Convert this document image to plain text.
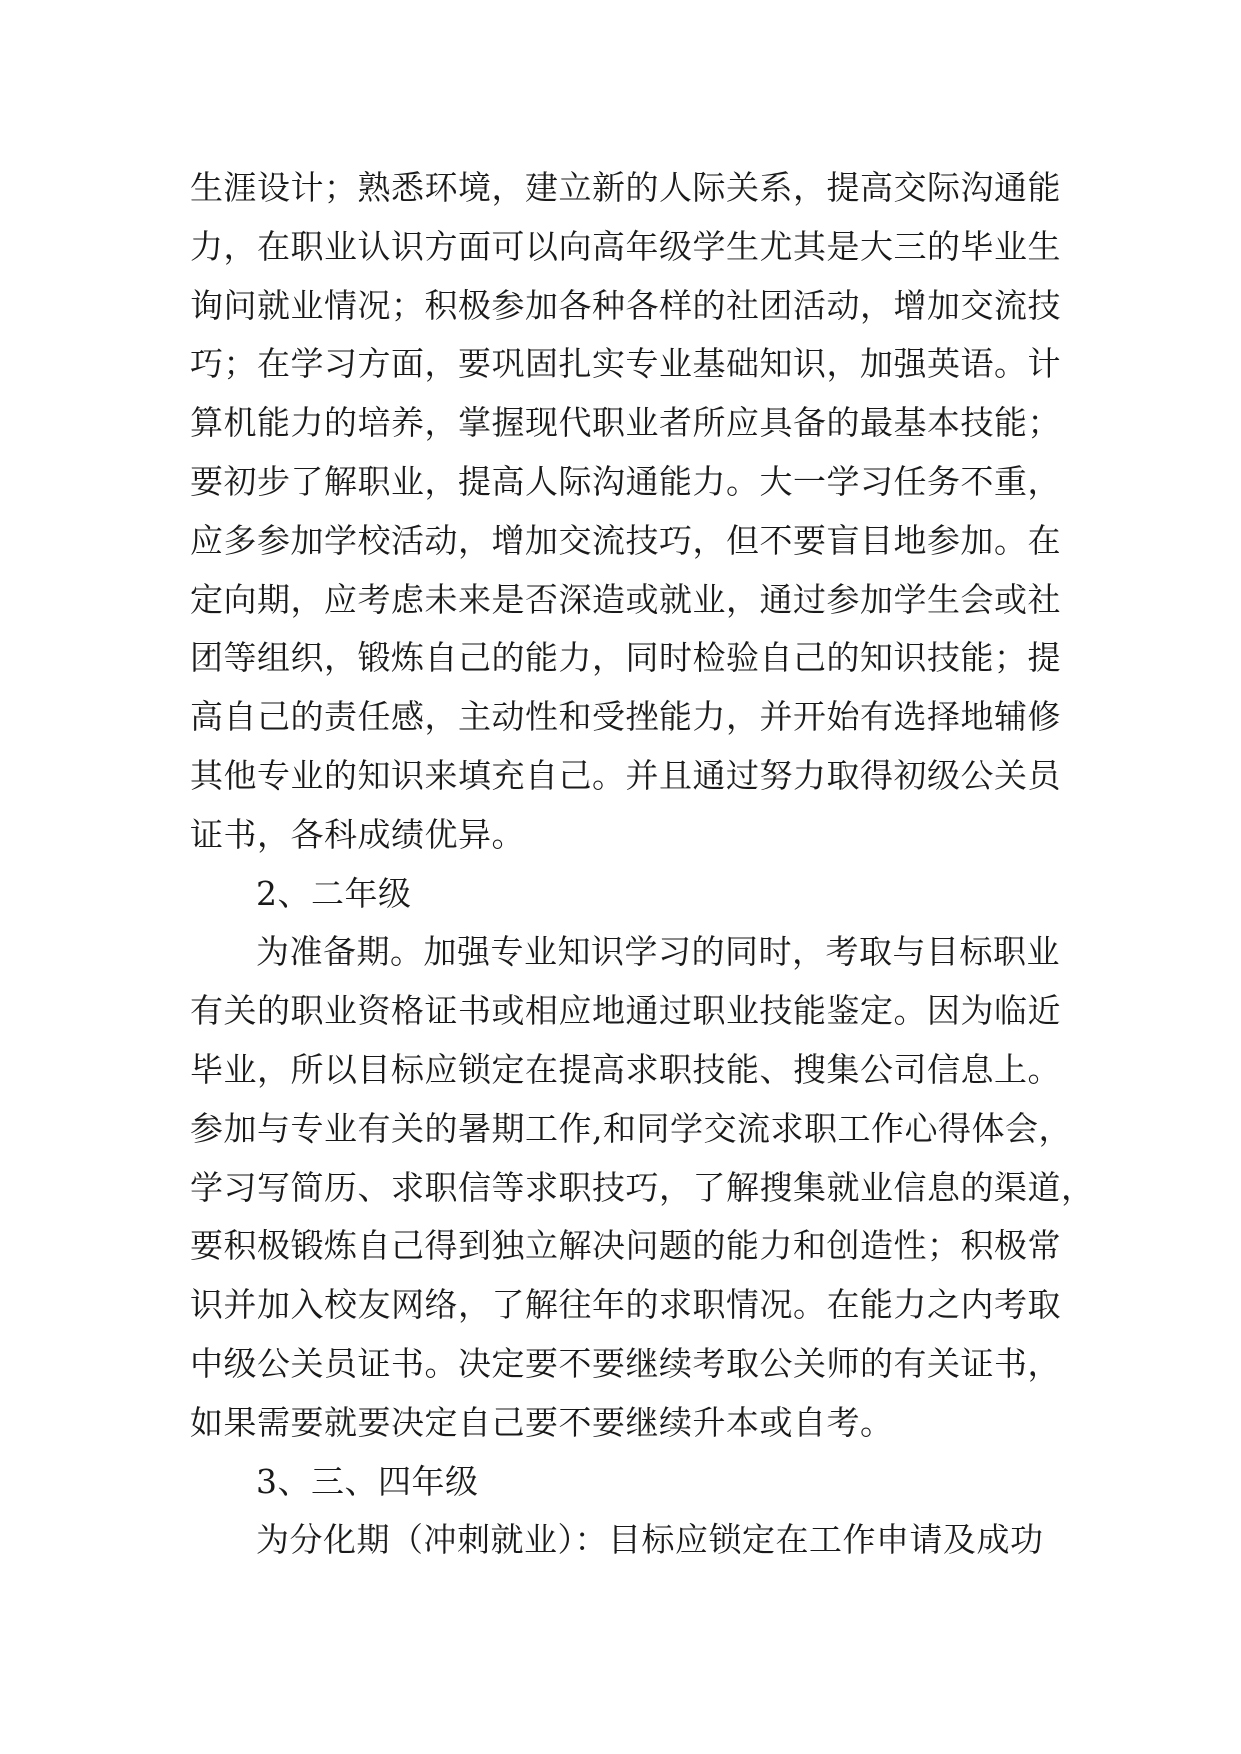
生涯设计；熟悉环境，建立新的人际关系，提高交际沟通能
力，在职业认识方面可以向高年级学生尤其是大三的毕业生
询问就业情况；积极参加各种各样的社团活动，增加交流技
巧；在学习方面，要巩固扎实专业基础知识，加强英语。计
算机能力的培养，掌握现代职业者所应具备的最基本技能；
要初步了解职业，提高人际沟通能力。大一学习任务不重，
应多参加学校活动，增加交流技巧，但不要盲目地参加。在
定向期，应考虑未来是否深造或就业，通过参加学生会或社
团等组织，锻炼自己的能力，同时检验自己的知识技能；提
高自己的责任感，主动性和受挫能力，并开始有选择地辅修
其他专业的知识来填充自己。并且通过努力取得初级公关员
证书，各科成绩优异。
2、二年级
为准备期。加强专业知识学习的同时，考取与目标职业
有关的职业资格证书或相应地通过职业技能鉴定。因为临近
毕业，所以目标应锁定在提高求职技能、搜集公司信息上。
参加与专业有关的暑期工作,和同学交流求职工作心得体会，
学习写简历、求职信等求职技巧，了解搜集就业信息的渠道，
要积极锻炼自己得到独立解决问题的能力和创造性；积极常
识并加入校友网络，了解往年的求职情况。在能力之内考取
中级公关员证书。决定要不要继续考取公关师的有关证书，
如果需要就要决定自己要不要继续升本或自考。
3、三、四年级
为分化期（冲刺就业）：目标应锁定在工作申请及成功
